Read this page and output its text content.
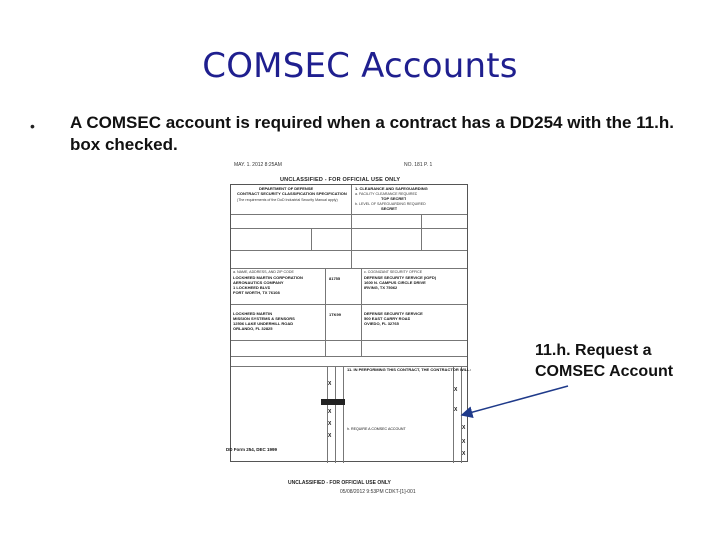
COMSEC Accounts
• A COMSEC account is required when a contract has a DD254 with the 11.h. box checked.
MAY. 1. 2012 8:25AM	NO. 181 P. 1
UNCLASSIFIED - FOR OFFICIAL USE ONLY
DEPARTMENT OF DEFENSE
CONTRACT SECURITY CLASSIFICATION SPECIFICATION
(The requirements of the DoD Industrial Security Manual apply)
1. CLEARANCE AND SAFEGUARDING
a. FACILITY CLEARANCE REQUIRED
TOP SECRET
b. LEVEL OF SAFEGUARDING REQUIRED
SECRET
a. NAME, ADDRESS, AND ZIP CODE
LOCKHEED MARTIN CORPORATION
AERONAUTICS COMPANY
1 LOCKHEED BLVD
FORT WORTH, TX 76108
81755
c. COGNIZANT SECURITY OFFICE
DEFENSE SECURITY SERVICE (IOFD)
1600 N. CAMPUS CIRCLE DRIVE
IRVING, TX 75062
LOCKHEED MARTIN
MISSION SYSTEMS & SENSORS
12506 LAKE UNDERHILL ROAD
ORLANDO, FL 32825
1TK99	DEFENSE SECURITY SERVICE
500 EAST CARRY ROAD
OVIEDO, FL 32765
11. IN PERFORMING THIS CONTRACT, THE CONTRACTOR WILL:
h. REQUIRE A COMSEC ACCOUNT
X
X
X
X
X
X
X
X
X
DD Form 254, DEC 1999
UNCLASSIFIED - FOR OFFICIAL USE ONLY
05/08/2012 9:53PM CDKT-[1]-001
11.h. Request a COMSEC Account
